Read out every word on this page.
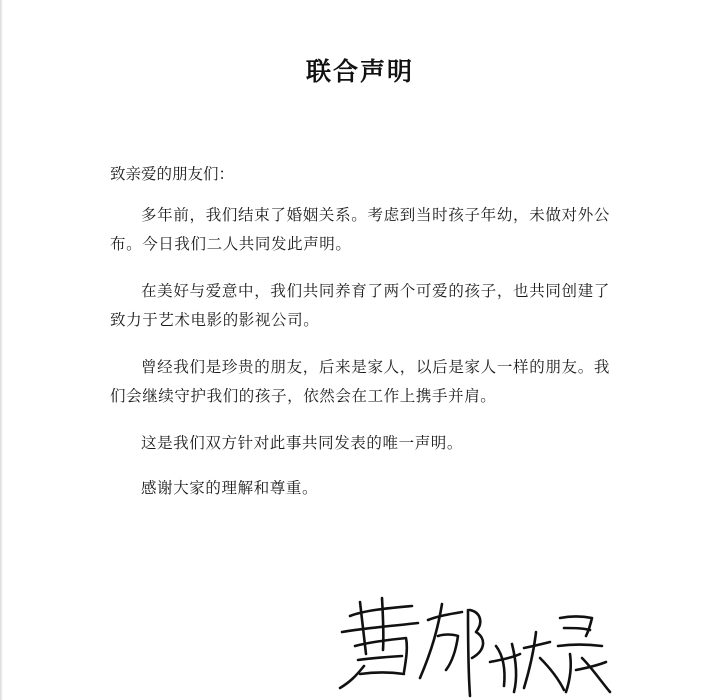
联合声明

致亲爱的朋友们：

多年前，我们结束了婚姻关系。考虑到当时孩子年幼，未做对外公布。今日我们二人共同发此声明。

在美好与爱意中，我们共同养育了两个可爱的孩子，也共同创建了致力于艺术电影的影视公司。

曾经我们是珍贵的朋友，后来是家人，以后是家人一样的朋友。我们会继续守护我们的孩子，依然会在工作上携手并肩。

这是我们双方针对此事共同发表的唯一声明。

感谢大家的理解和尊重。
